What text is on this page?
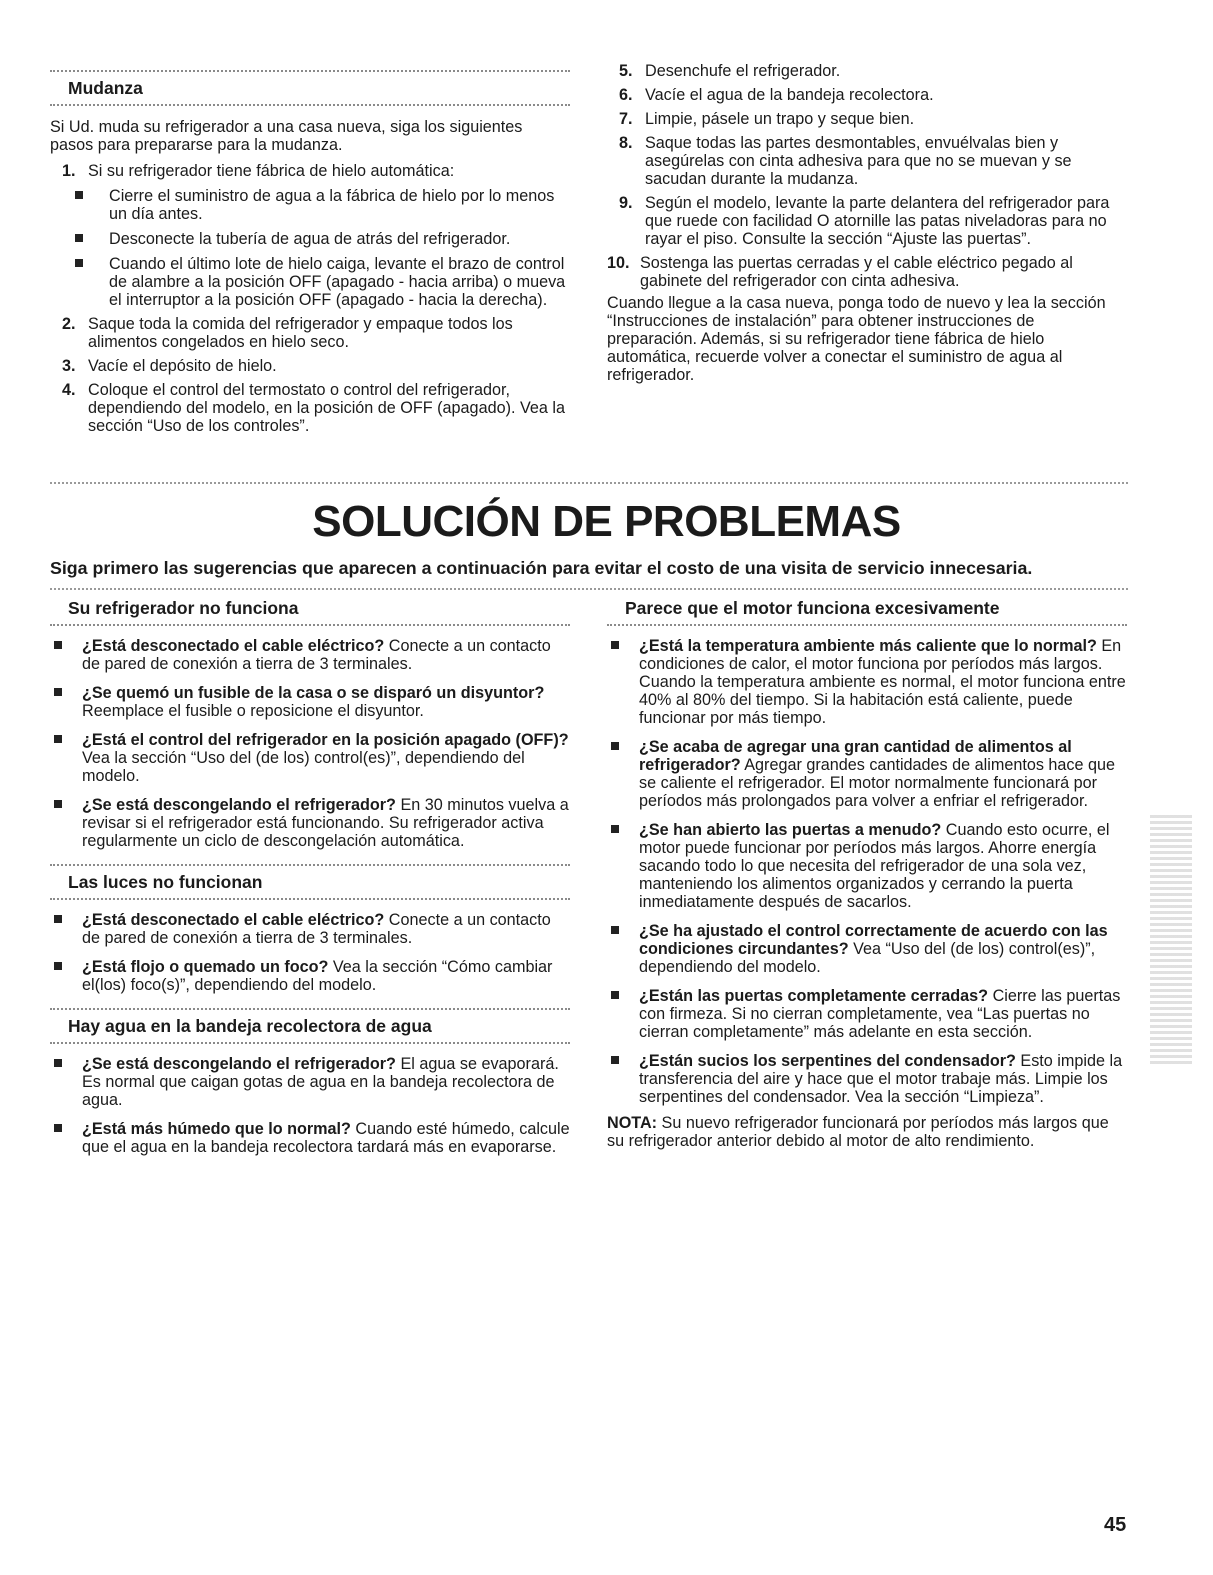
Mudanza

Si Ud. muda su refrigerador a una casa nueva, siga los siguientes pasos para prepararse para la mudanza.

1. Si su refrigerador tiene fábrica de hielo automática:
Cierre el suministro de agua a la fábrica de hielo por lo menos un día antes.
Desconecte la tubería de agua de atrás del refrigerador.
Cuando el último lote de hielo caiga, levante el brazo de control de alambre a la posición OFF (apagado - hacia arriba) o mueva el interruptor a la posición OFF (apagado - hacia la derecha).
2. Saque toda la comida del refrigerador y empaque todos los alimentos congelados en hielo seco.
3. Vacíe el depósito de hielo.
4. Coloque el control del termostato o control del refrigerador, dependiendo del modelo, en la posición de OFF (apagado). Vea la sección “Uso de los controles”.
5. Desenchufe el refrigerador.
6. Vacíe el agua de la bandeja recolectora.
7. Limpie, pásele un trapo y seque bien.
8. Saque todas las partes desmontables, envuélvalas bien y asegúrelas con cinta adhesiva para que no se muevan y se sacudan durante la mudanza.
9. Según el modelo, levante la parte delantera del refrigerador para que ruede con facilidad O atornille las patas niveladoras para no rayar el piso. Consulte la sección “Ajuste las puertas”.
10. Sostenga las puertas cerradas y el cable eléctrico pegado al gabinete del refrigerador con cinta adhesiva.

Cuando llegue a la casa nueva, ponga todo de nuevo y lea la sección “Instrucciones de instalación” para obtener instrucciones de preparación. Además, si su refrigerador tiene fábrica de hielo automática, recuerde volver a conectar el suministro de agua al refrigerador.

SOLUCIÓN DE PROBLEMAS
Siga primero las sugerencias que aparecen a continuación para evitar el costo de una visita de servicio innecesaria.
Su refrigerador no funciona
¿Está desconectado el cable eléctrico? Conecte a un contacto de pared de conexión a tierra de 3 terminales.
¿Se quemó un fusible de la casa o se disparó un disyuntor? Reemplace el fusible o reposicione el disyuntor.
¿Está el control del refrigerador en la posición apagado (OFF)? Vea la sección “Uso del (de los) control(es)”, dependiendo del modelo.
¿Se está descongelando el refrigerador? En 30 minutos vuelva a revisar si el refrigerador está funcionando. Su refrigerador activa regularmente un ciclo de descongelación automática.
Las luces no funcionan
¿Está desconectado el cable eléctrico? Conecte a un contacto de pared de conexión a tierra de 3 terminales.
¿Está flojo o quemado un foco? Vea la sección “Cómo cambiar el(los) foco(s)”, dependiendo del modelo.
Hay agua en la bandeja recolectora de agua
¿Se está descongelando el refrigerador? El agua se evaporará. Es normal que caigan gotas de agua en la bandeja recolectora de agua.
¿Está más húmedo que lo normal? Cuando esté húmedo, calcule que el agua en la bandeja recolectora tardará más en evaporarse.
Parece que el motor funciona excesivamente
¿Está la temperatura ambiente más caliente que lo normal? En condiciones de calor, el motor funciona por períodos más largos. Cuando la temperatura ambiente es normal, el motor funciona entre 40% al 80% del tiempo. Si la habitación está caliente, puede funcionar por más tiempo.
¿Se acaba de agregar una gran cantidad de alimentos al refrigerador? Agregar grandes cantidades de alimentos hace que se caliente el refrigerador. El motor normalmente funcionará por períodos más prolongados para volver a enfriar el refrigerador.
¿Se han abierto las puertas a menudo? Cuando esto ocurre, el motor puede funcionar por períodos más largos. Ahorre energía sacando todo lo que necesita del refrigerador de una sola vez, manteniendo los alimentos organizados y cerrando la puerta inmediatamente después de sacarlos.
¿Se ha ajustado el control correctamente de acuerdo con las condiciones circundantes? Vea “Uso del (de los) control(es)”, dependiendo del modelo.
¿Están las puertas completamente cerradas? Cierre las puertas con firmeza. Si no cierran completamente, vea “Las puertas no cierran completamente” más adelante en esta sección.
¿Están sucios los serpentines del condensador? Esto impide la transferencia del aire y hace que el motor trabaje más. Limpie los serpentines del condensador. Vea la sección “Limpieza”.

NOTA: Su nuevo refrigerador funcionará por períodos más largos que su refrigerador anterior debido al motor de alto rendimiento.

45
